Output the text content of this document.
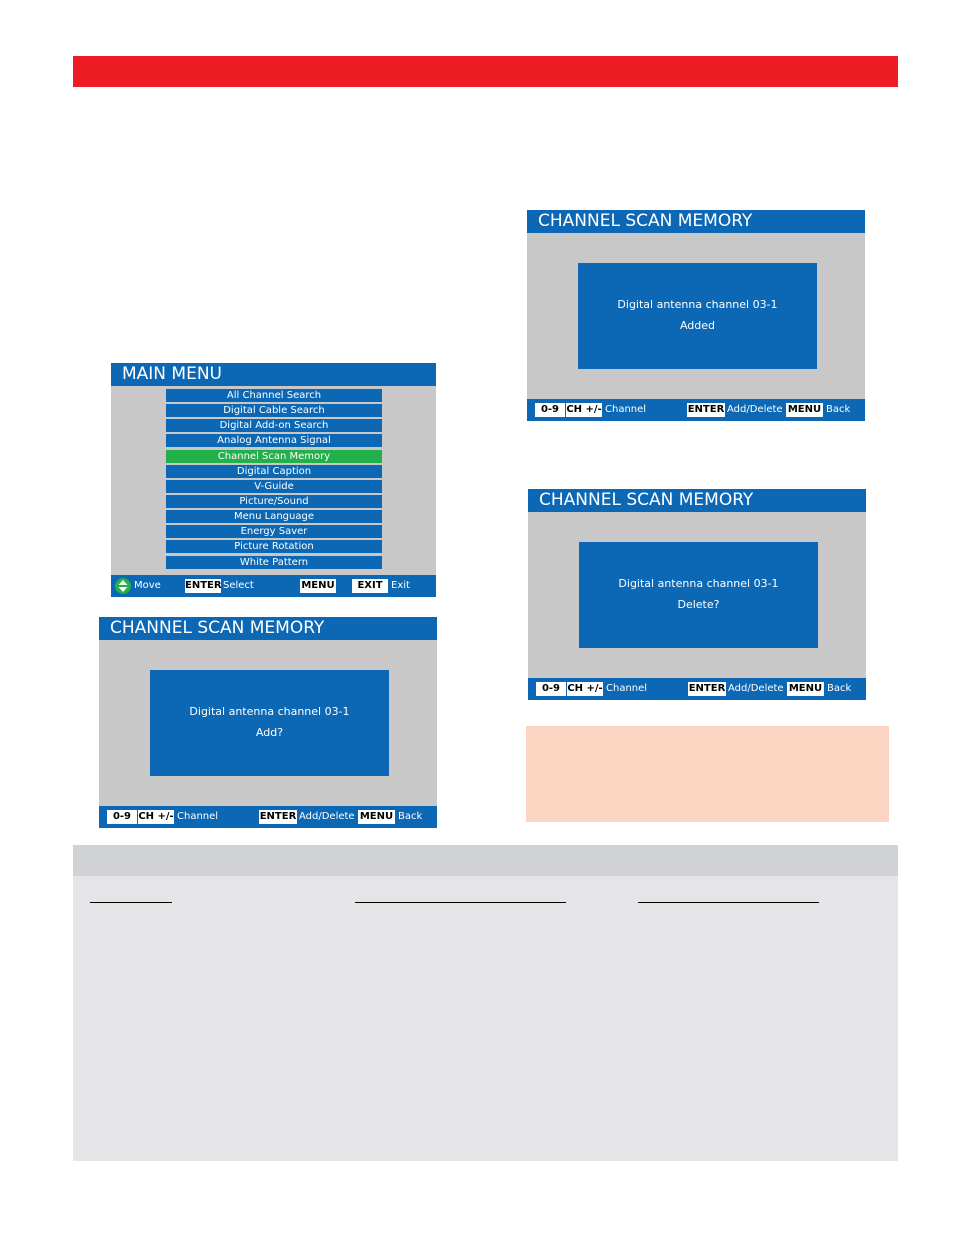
MAIN MENU
All Channel Search
Digital Cable Search
Digital Add-on Search
Analog Antenna Signal
Channel Scan Memory
Digital Caption
V-Guide
Picture/Sound
Menu Language
Energy Saver
Picture Rotation
White Pattern
Move ENTER Select	MENU	EXIT Exit
CHANNEL SCAN MEMORY
Digital antenna channel 03-1
Add?
0-9 CH +/- Channel	ENTER Add/Delete MENU Back
CHANNEL SCAN MEMORY
Digital antenna channel 03-1
Added
0-9 CH +/- Channel	ENTER Add/Delete MENU Back
CHANNEL SCAN MEMORY
Digital antenna channel 03-1
Delete?
0-9 CH +/- Channel	ENTER Add/Delete MENU Back
